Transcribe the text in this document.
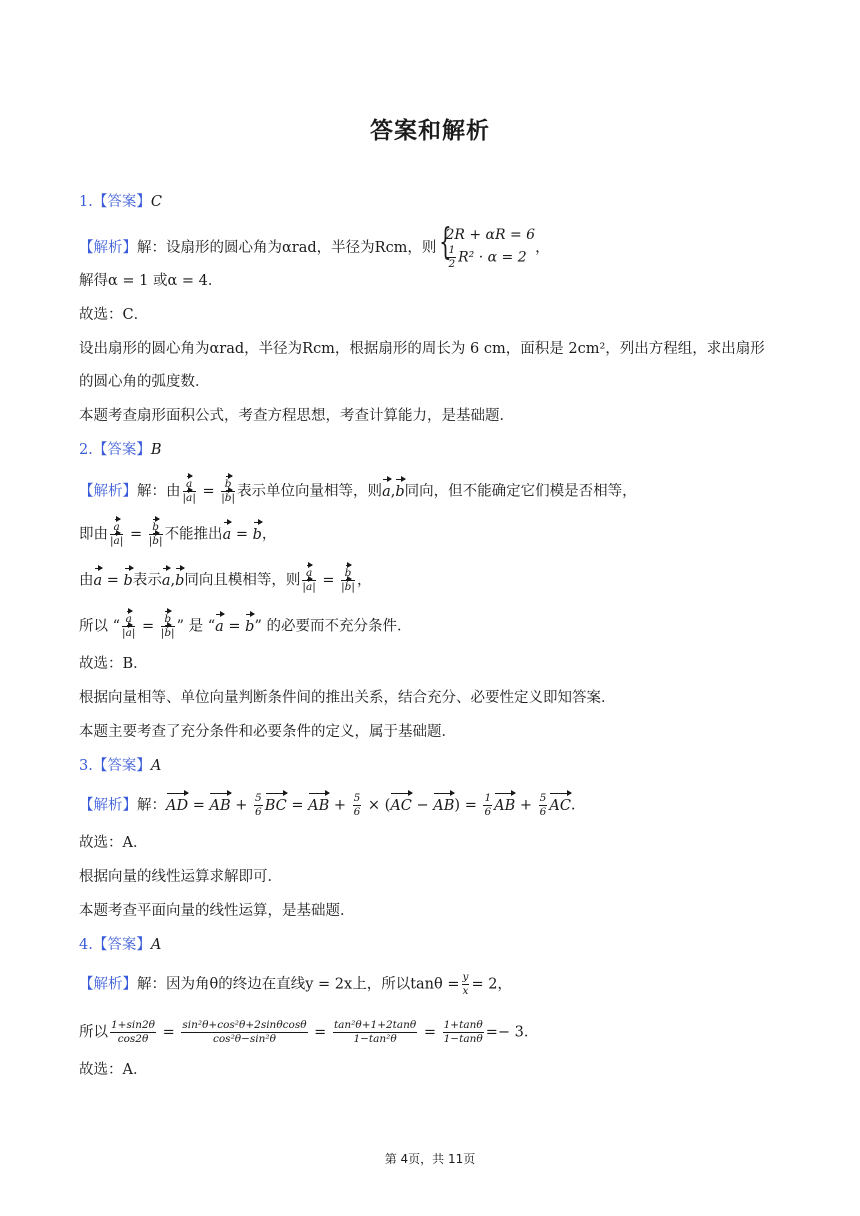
答案和解析
1.【答案】C
【解析】解：设扇形的圆心角为αrad，半径为Rcm，则
{ 2R + αR = 6
$\frac{1}{2} R^2 \cdot \alpha = 2$
，
解得α = 1 或α = 4．
故选：C．
设出扇形的圆心角为αrad，半径为Rcm，根据扇形的周长为 6 cm，面积是 2cm²，列出方程组，求出扇形
的圆心角的弧度数．
本题考查扇形面积公式，考查方程思想，考查计算能力，是基础题．
2.【答案】B
【解析】解：由 $\frac{a}{|a|} = \frac{b}{|b|}$ 表示单位向量相等，则a,b同向，但不能确定它们模是否相等，
即由 $\frac{a}{|a|} = \frac{b}{|b|}$ 不能推出a = b，
由a = b表示a,b同向且模相等，则 $\frac{a}{|a|} = \frac{b}{|b|}$ ，
所以 “ $\frac{a}{|a|} = \frac{b}{|b|}$ ” 是 “a = b” 的必要而不充分条件．
故选：B．
根据向量相等、单位向量判断条件间的推出关系，结合充分、必要性定义即知答案．
本题主要考查了充分条件和必要条件的定义，属于基础题．
3.【答案】A
【解析】解：AD = AB + $\frac{5}{6}$ BC = AB + $\frac{5}{6} \times (AC - AB) = \frac{1}{6}$ AB + $\frac{5}{6}$ AC.
故选：A．
根据向量的线性运算求解即可．
本题考查平面向量的线性运算，是基础题．
4.【答案】A
【解析】解：因为角θ的终边在直线y = 2x上，所以$\tan\theta = \frac{y}{x} = 2$，
所以 $\frac{1+\sin 2\theta}{\cos 2\theta} = \frac{\text{sin²θ+cos²θ+2sinθcosθ}}{\text{cos²θ−sin²θ}} = \frac{\text{tan²θ+1+2tanθ}}{\text{1−tan²θ}} = \frac{1+\tan\theta}{1-\tan\theta} =- 3$．
故选：A．
第 4页，共 11页
